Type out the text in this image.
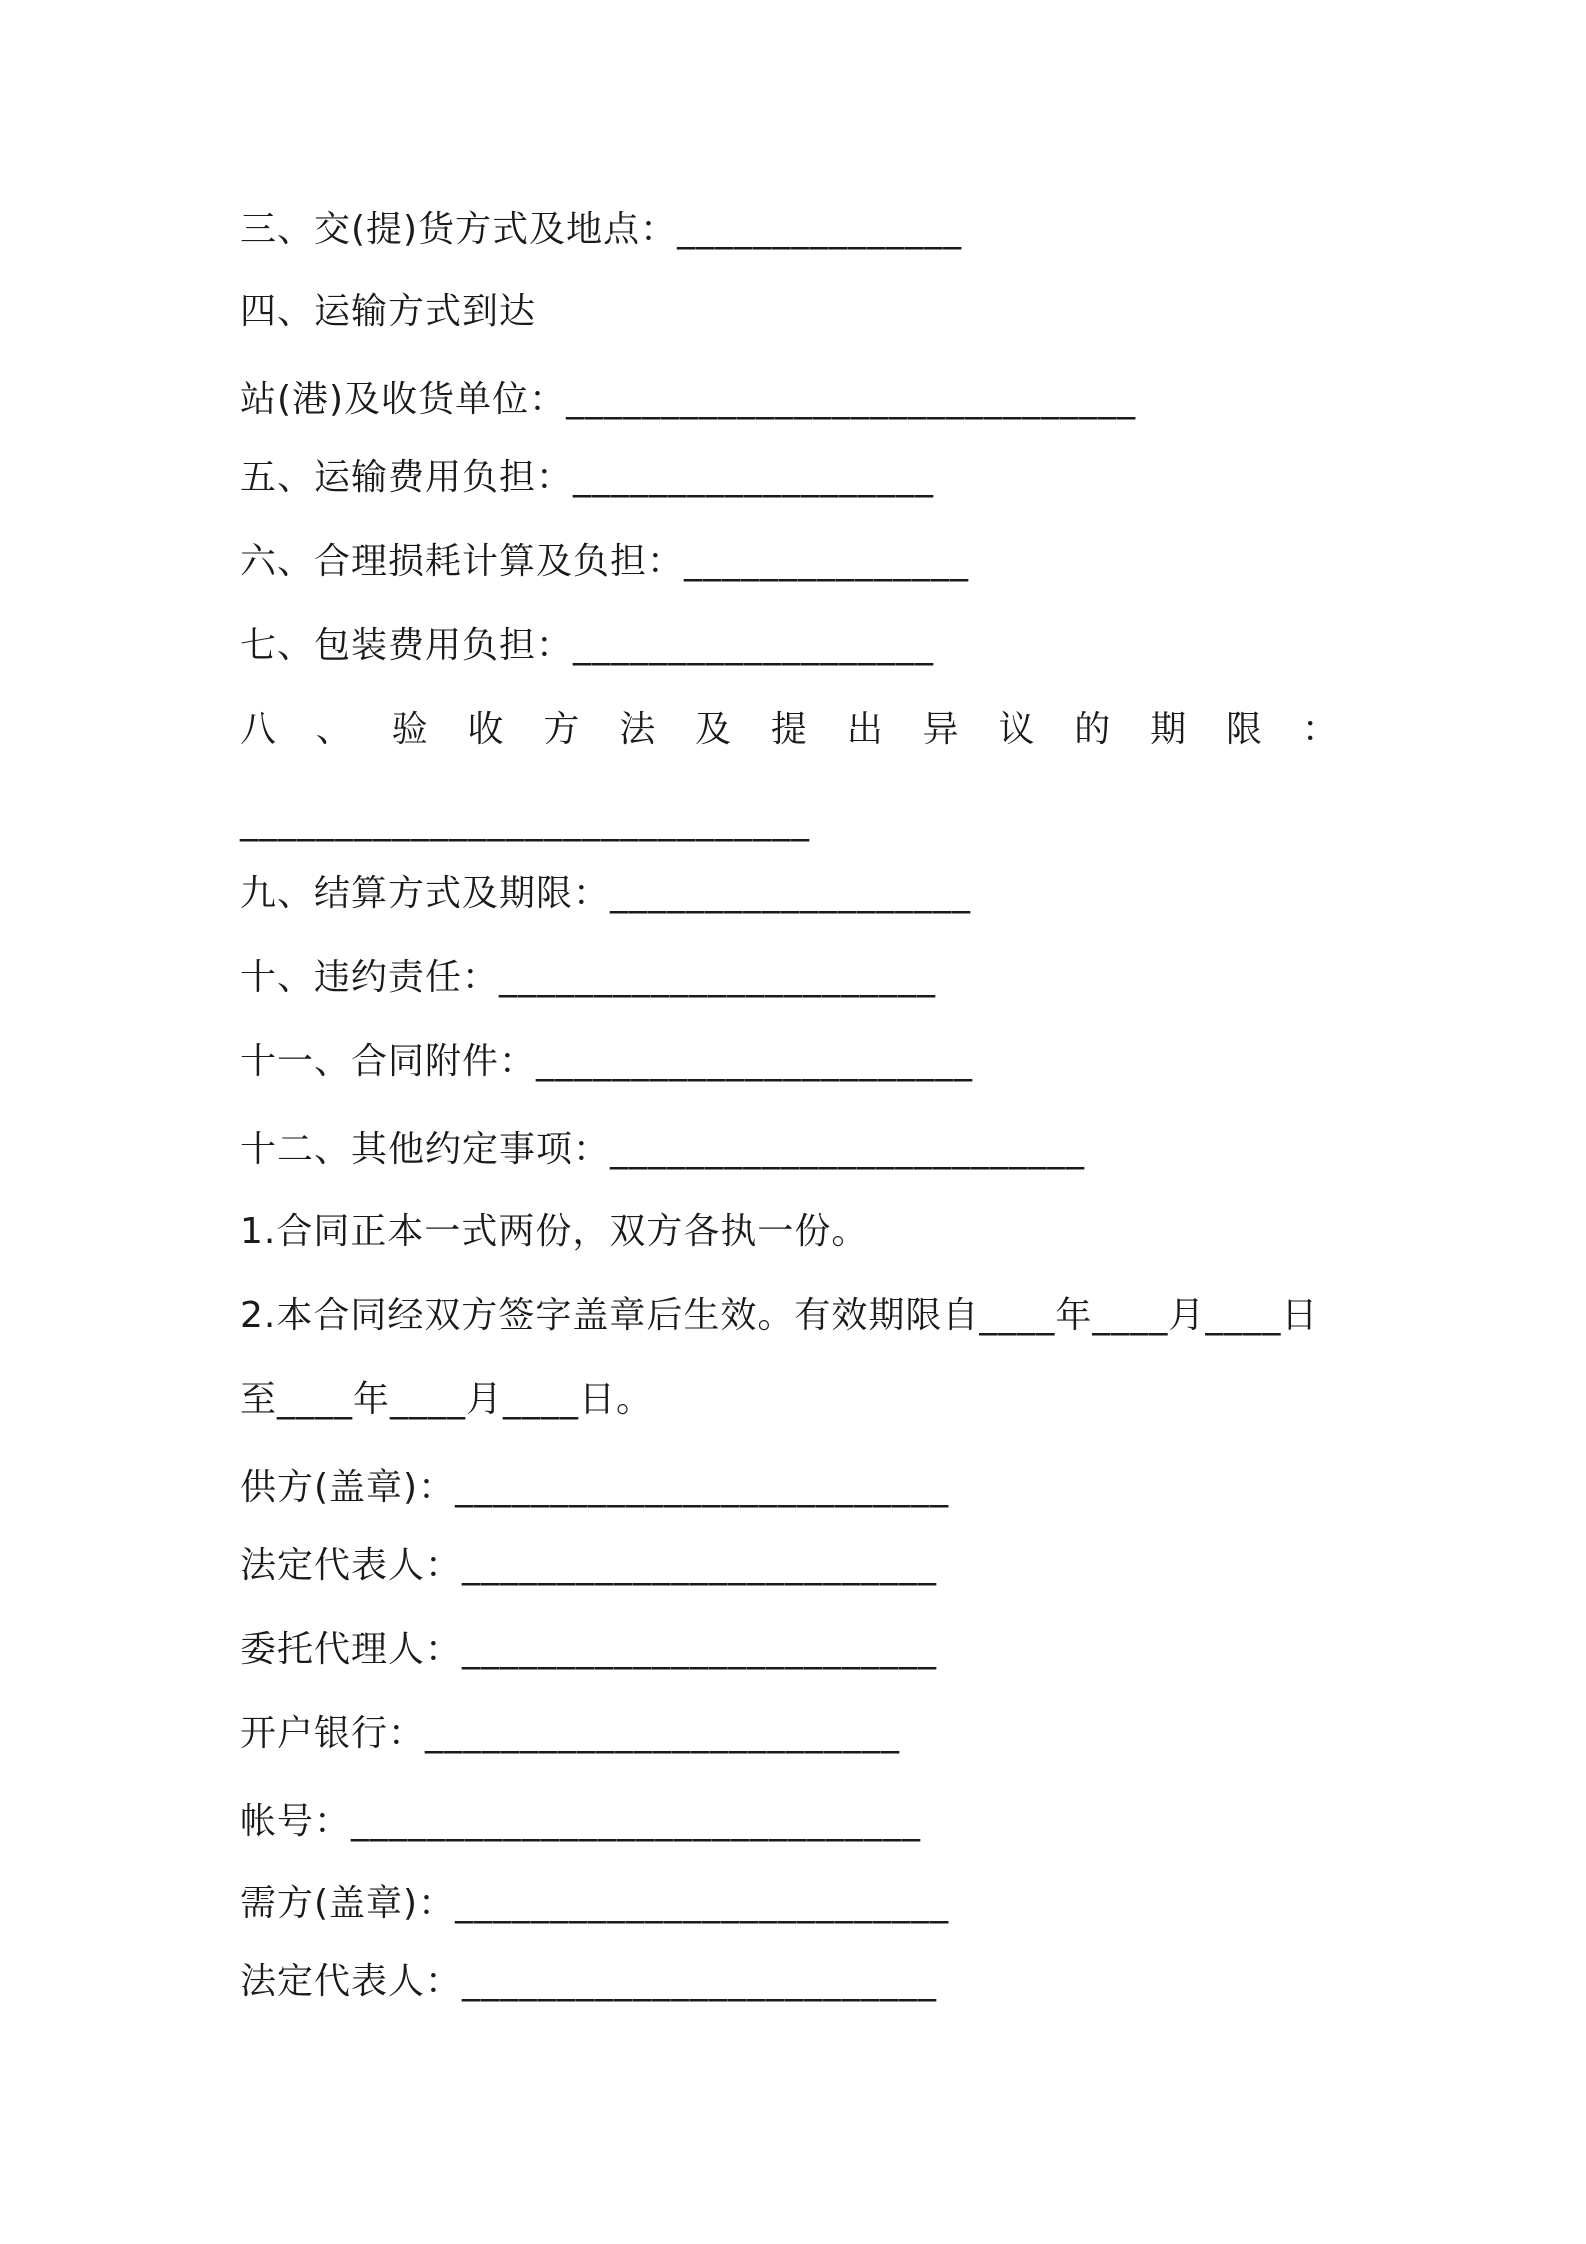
三、交(提)货方式及地点：_______________
四、运输方式到达
站(港)及收货单位：______________________________
五、运输费用负担：___________________
六、合理损耗计算及负担：_______________
七、包装费用负担：___________________
八 、 验 收 方 法 及 提 出 异 议 的 期 限 ：
______________________________
九、结算方式及期限：___________________
十、违约责任：_______________________
十一、合同附件：_______________________
十二、其他约定事项：_________________________
1.合同正本一式两份，双方各执一份。
2.本合同经双方签字盖章后生效。有效期限自____年____月____日
至____年____月____日。
供方(盖章)：__________________________
法定代表人：_________________________
委托代理人：_________________________
开户银行：_________________________
帐号：______________________________
需方(盖章)：__________________________
法定代表人：_________________________
